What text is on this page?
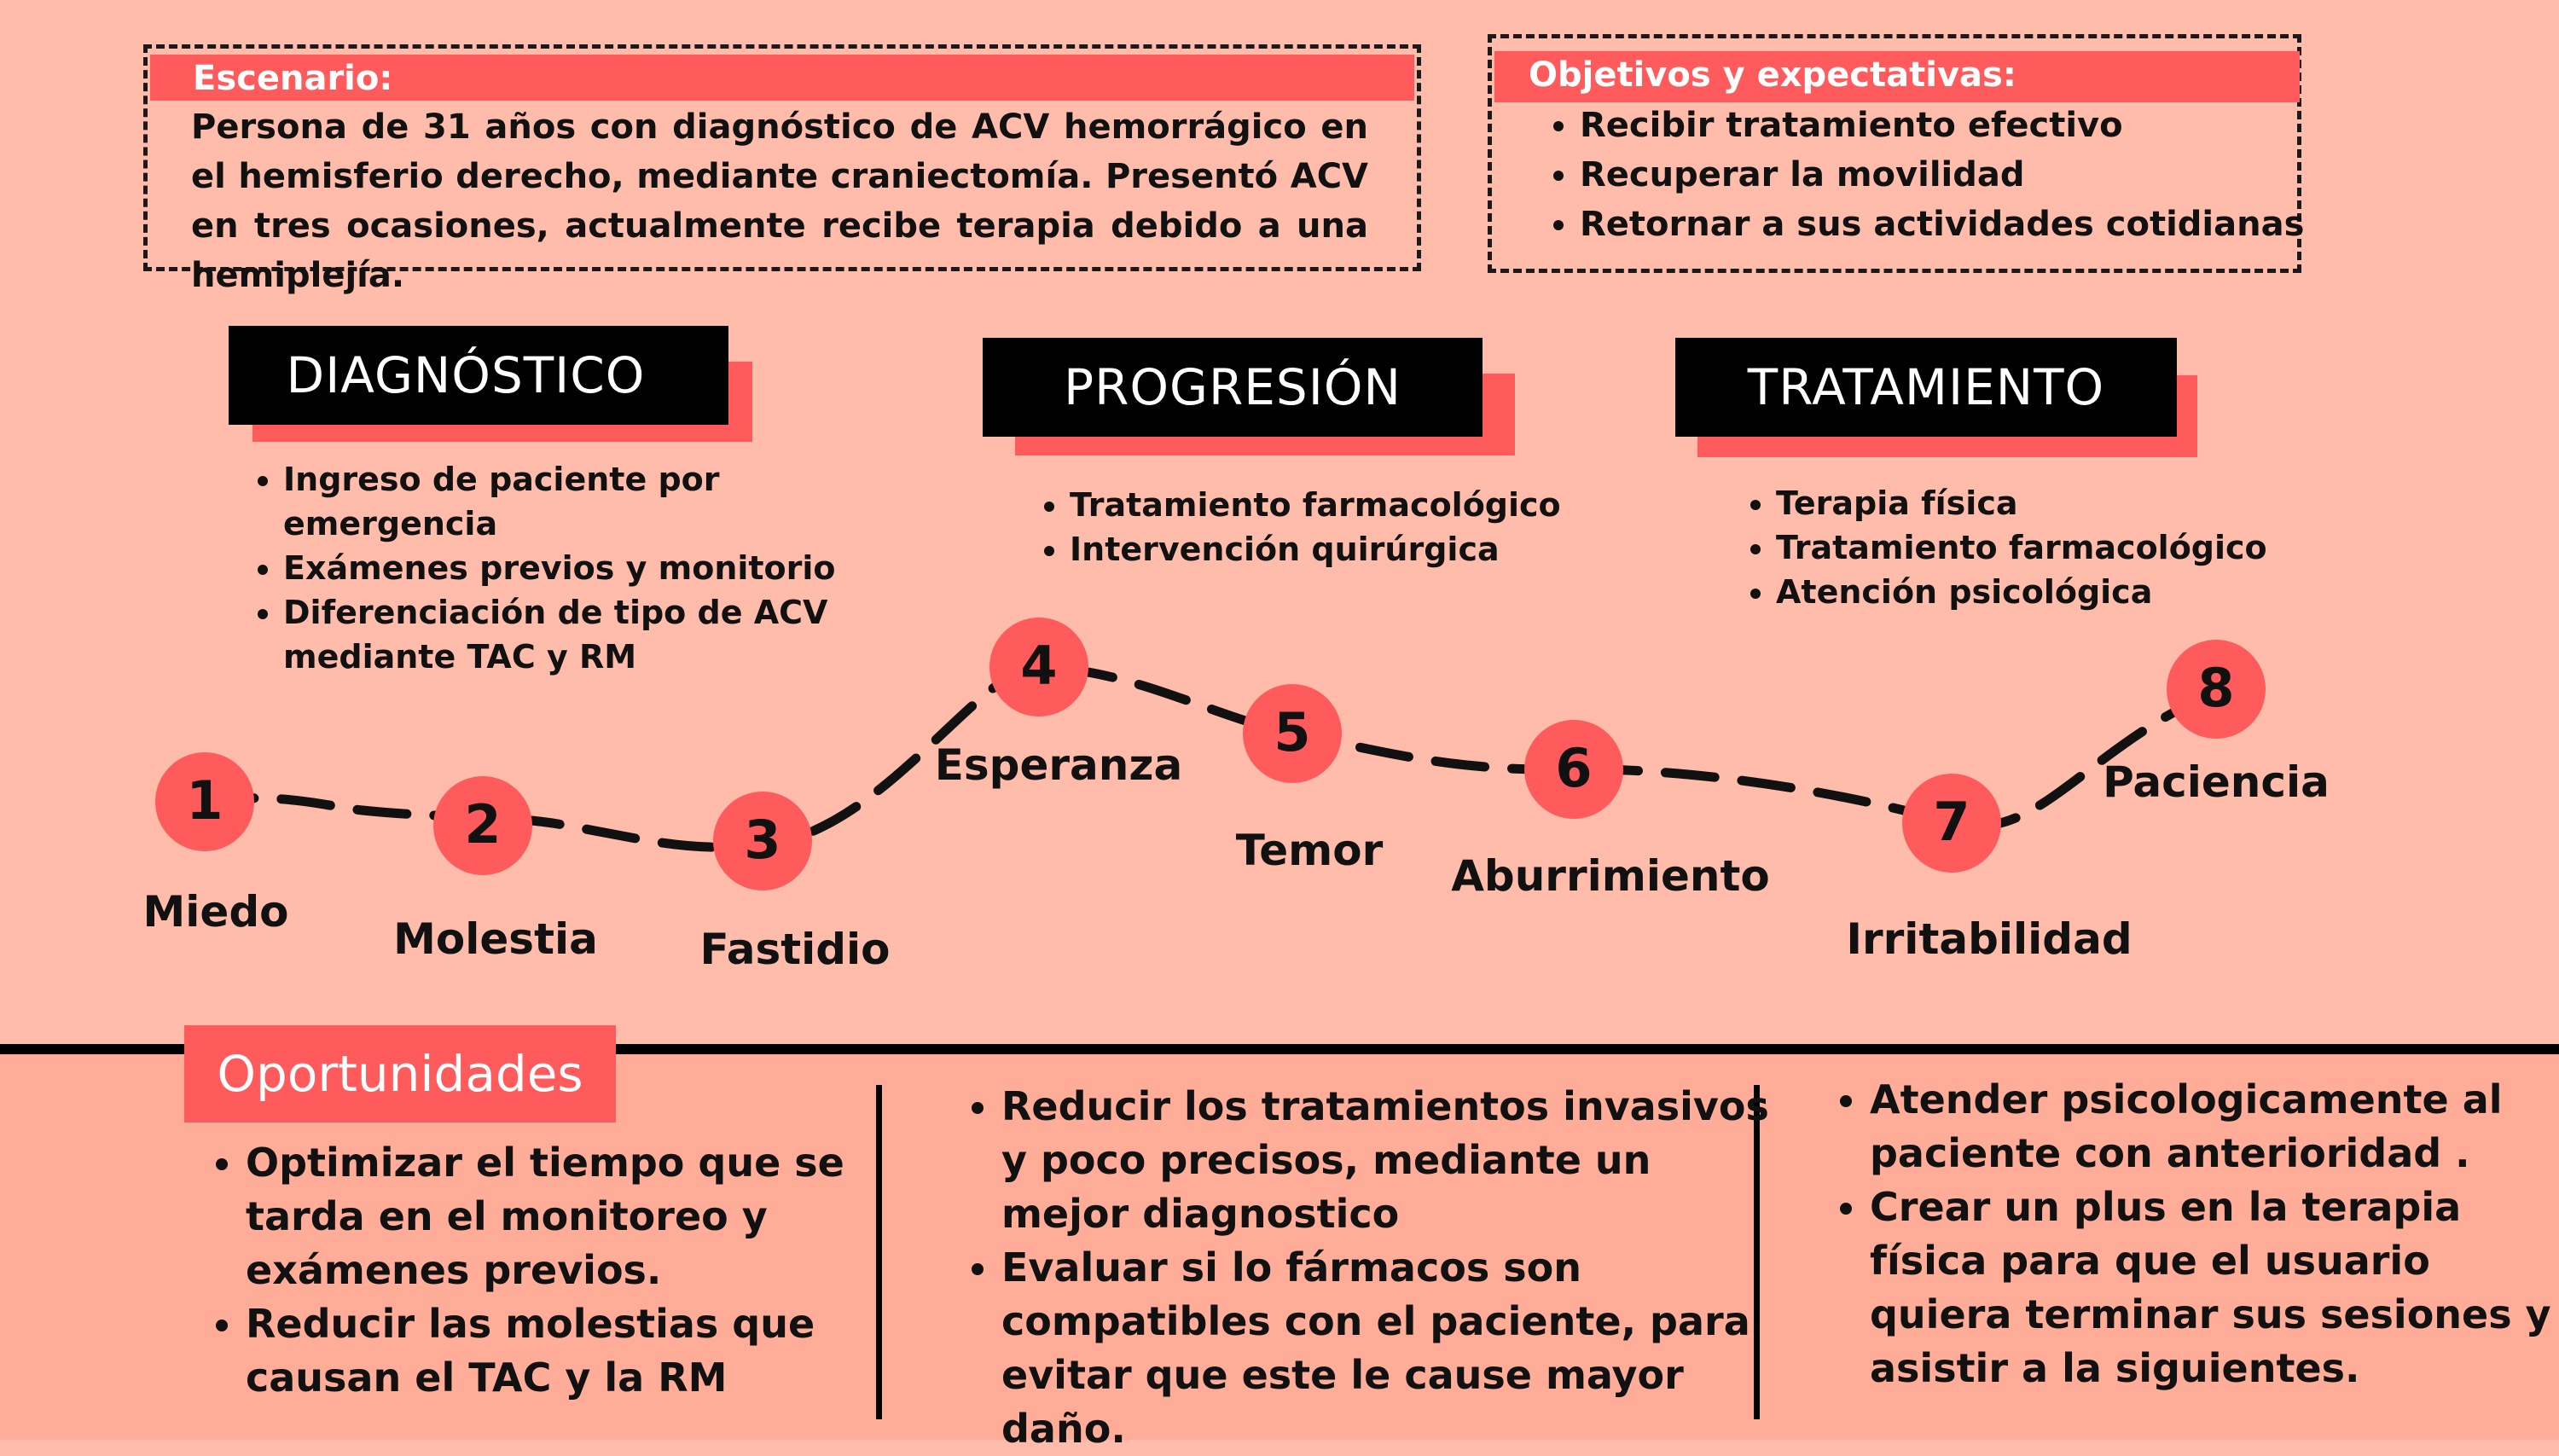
Escenario:
Persona de 31 años con diagnóstico de ACV hemorrágico en el hemisferio derecho, mediante craniectomía. Presentó ACV en tres ocasiones, actualmente recibe terapia debido a una hemiplejía.
Objetivos y expectativas:
• Recibir tratamiento efectivo
• Recuperar la movilidad
• Retornar a sus actividades cotidianas
DIAGNÓSTICO	PROGRESIÓN	TRATAMIENTO
• Ingreso de paciente por emergencia
• Exámenes previos y monitorio
• Diferenciación de tipo de ACV mediante TAC y RM
• Tratamiento farmacológico
• Intervención quirúrgica
• Terapia física
• Tratamiento farmacológico
• Atención psicológica
1	2	3
4
5
6
7
8
Miedo
Molestia Fastidio
Esperanza
Temor
Aburrimiento
Irritabilidad
Paciencia
Oportunidades
• Optimizar el tiempo que se tarda en el monitoreo y exámenes previos.
• Reducir las molestias que causan el TAC y la RM
• Reducir los tratamientos invasivos y poco precisos, mediante un mejor diagnostico
• Evaluar si lo fármacos son compatibles con el paciente, para evitar que este le cause mayor daño.
• Atender psicologicamente al paciente con anterioridad .
• Crear un plus en la terapia física para que el usuario quiera terminar sus sesiones y asistir a la siguientes.
